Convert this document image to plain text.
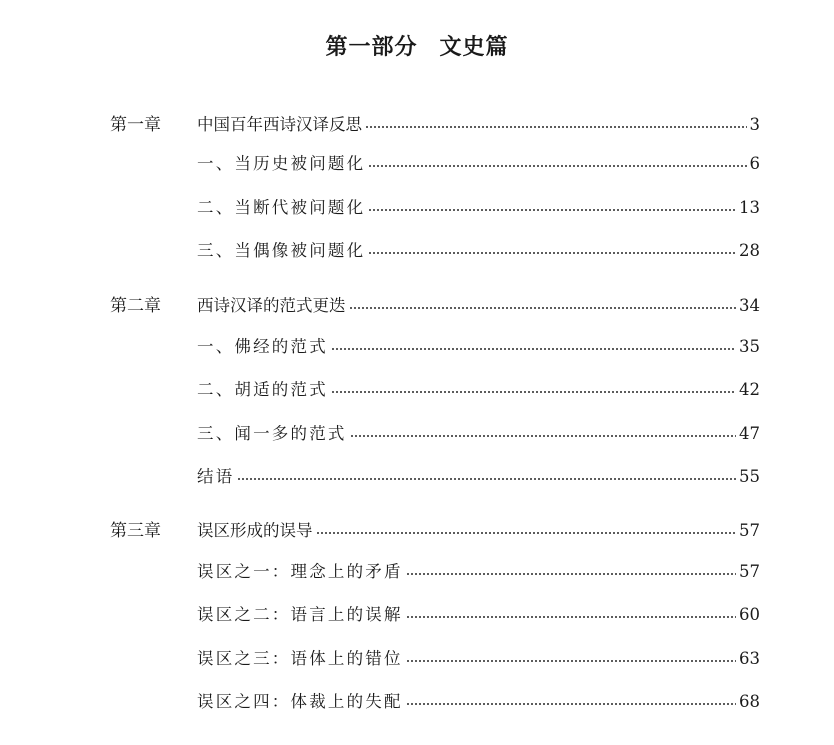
第一部分 文史篇
第一章 中国百年西诗汉译反思	3
一、当历史被问题化	6
二、当断代被问题化	13
三、当偶像被问题化	28
第二章 西诗汉译的范式更迭	34
一、佛经的范式	35
二、胡适的范式	42
三、闻一多的范式	47
结语	55
第三章 误区形成的误导	57
误区之一：理念上的矛盾	57
误区之二：语言上的误解	60
误区之三：语体上的错位	63
误区之四：体裁上的失配	68
